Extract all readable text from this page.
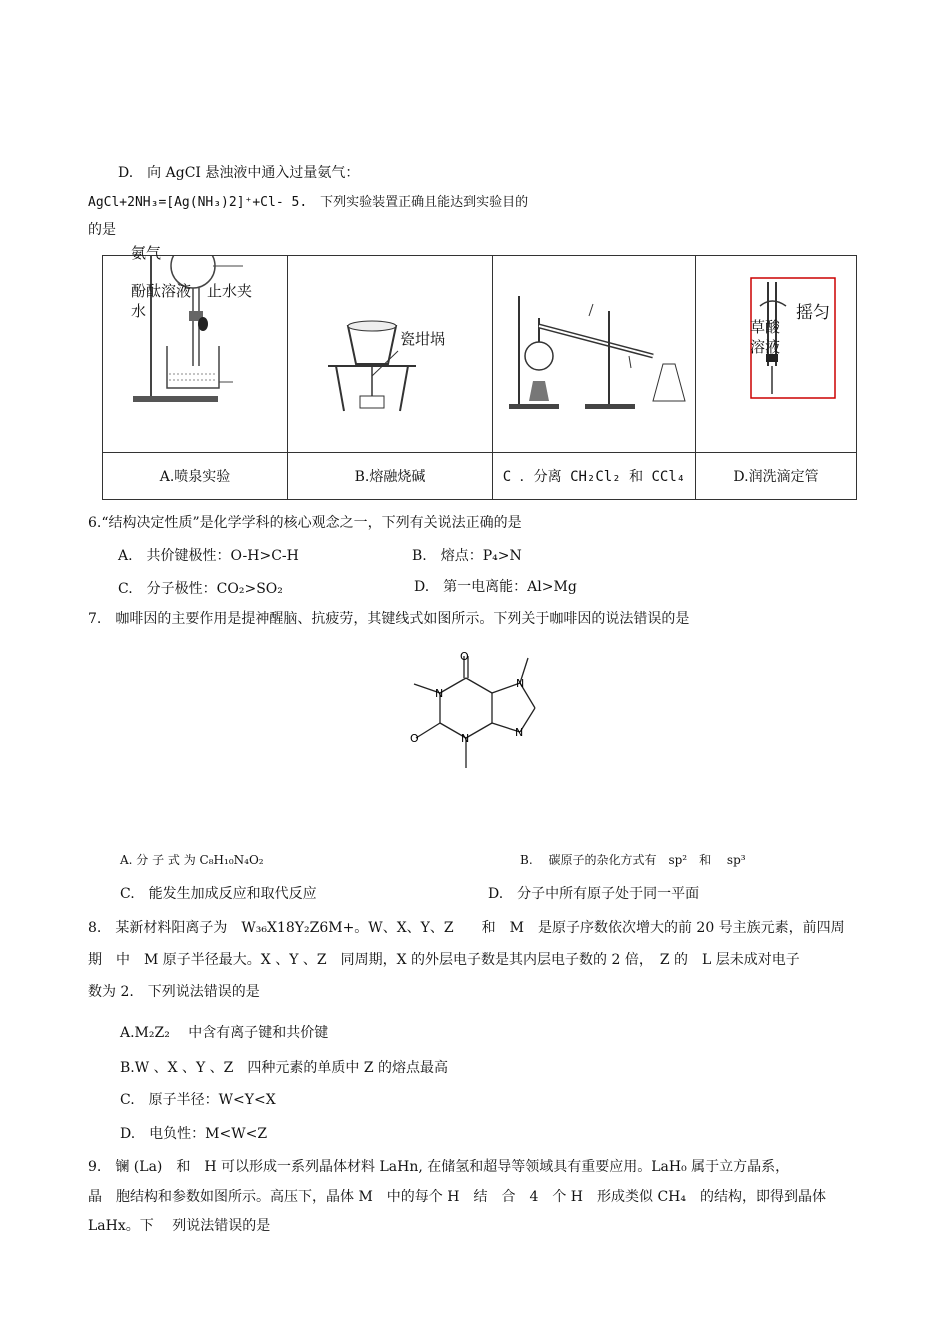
D.　向 AgCI 悬浊液中通入过量氨气：
AgCl+2NH₃=[Ag(NH₃)2]⁺+Cl- 5.　下列实验装置正确且能达到实验目的
的是
氨气
酚酞溶液 止水夹
水	瓷坩埚		摇匀
草酸
溶液

A.喷泉实验	B.熔融烧碱	C ．分离 CH₂Cl₂ 和 CCl₄	D.润洗滴定管
6.“结构决定性质”是化学学科的核心观念之一，下列有关说法正确的是
A.　共价键极性：O-H>C-H	B.　熔点：P₄>N
C.　分子极性：CO₂>SO₂	D.　第一电离能：Al>Mg
7.　咖啡因的主要作用是提神醒脑、抗疲劳，其键线式如图所示。下列关于咖啡因的说法错误的是
O
O
N
N
N
N
A. 分 子 式 为 C₈H₁₀N₄O₂	B.　 碳原子的杂化方式有　sp²　和　 sp³
C.　能发生加成反应和取代反应	D.　分子中所有原子处于同一平面
8.　某新材料阳离子为　W₃₆X18Y₂Z6M+。W、X、Y、Z　　和　M　是原子序数依次增大的前 20 号主族元素，前四周
期　中　M 原子半径最大。X 、Y 、Z　同周期，X 的外层电子数是其内层电子数的 2 倍，　Z 的　L 层未成对电子
数为 2.　下列说法错误的是
A.M₂Z₂　 中含有离子键和共价键
B.W 、X 、Y 、Z　四种元素的单质中 Z 的熔点最高
C.　原子半径：W<Y<X
D.　电负性：M<W<Z
9.　镧 (La)　和　H 可以形成一系列晶体材料 LaHn, 在储氢和超导等领域具有重要应用。LaH₀ 属于立方晶系，
晶　胞结构和参数如图所示。高压下，晶体 M　中的每个 H　结　合　4　个 H　形成类似 CH₄　的结构，即得到晶体
LaHx。下　 列说法错误的是
